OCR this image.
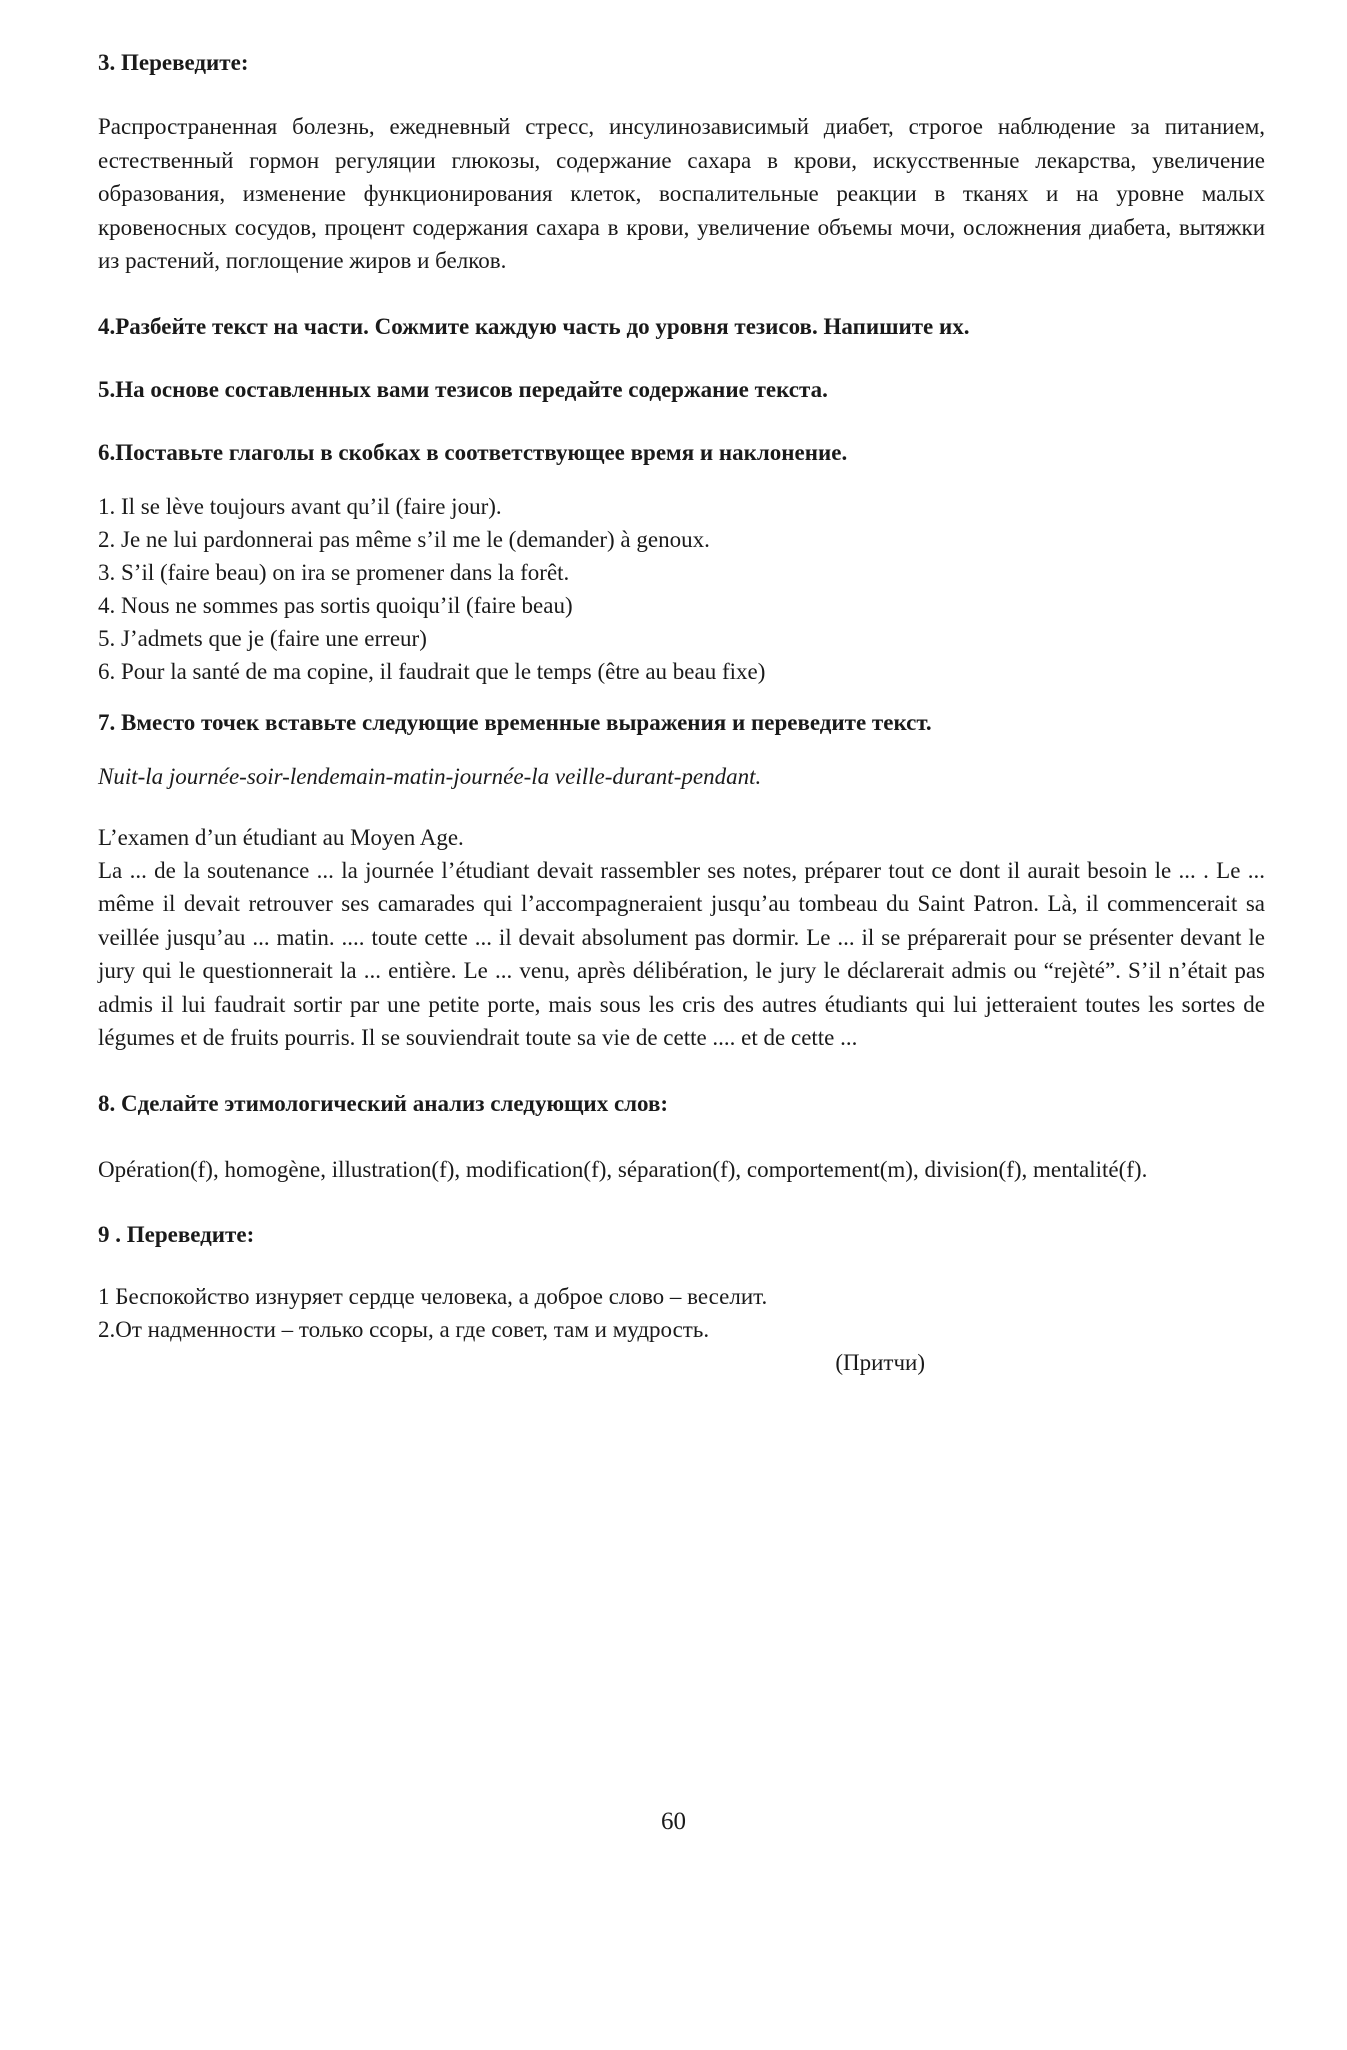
3. Переведите:

Распространенная болезнь, ежедневный стресс, инсулинозависимый диабет, строгое наблюдение за питанием, естественный гормон регуляции глюкозы, содержание сахара в крови, искусственные лекарства, увеличение образования, изменение функционирования клеток, воспалительные реакции в тканях и на уровне малых кровеносных сосудов, процент содержания сахара в крови, увеличение объемы мочи, осложнения диабета, вытяжки из растений, поглощение жиров и белков.

4.Разбейте текст на части. Сожмите каждую часть до уровня тезисов. Напишите их.

5.На основе составленных вами тезисов передайте содержание текста.

6.Поставьте глаголы в скобках в соответствующее время и наклонение.

1. Il se lève toujours avant qu’il (faire jour).

2. Je ne lui pardonnerai pas même s’il me le (demander) à genoux.

3. S’il (faire beau) on ira se promener dans la forêt.

4. Nous ne sommes pas sortis quoiqu’il (faire beau)

5. J’admets que je (faire une erreur)

6. Pour la santé de ma copine, il faudrait que le temps (être au beau fixe)

7. Вместо точек вставьте следующие временные выражения и переведите текст.

Nuit-la journée-soir-lendemain-matin-journée-la veille-durant-pendant.

L’examen d’un étudiant au Moyen Age.

La ... de la soutenance ... la journée l’étudiant devait rassembler ses notes, préparer tout ce dont il aurait besoin le ... . Le ... même il devait retrouver ses camarades qui l’accompagneraient jusqu’au tombeau du Saint Patron. Là, il commencerait sa veillée jusqu’au ... matin. .... toute cette ... il devait absolument pas dormir. Le ... il se préparerait pour se présenter devant le jury qui le questionnerait la ... entière. Le ... venu, après délibération, le jury le déclarerait admis ou “rejèté”. S’il n’était pas admis il lui faudrait sortir par une petite porte, mais sous les cris des autres étudiants qui lui jetteraient toutes les sortes de légumes et de fruits pourris. Il se souviendrait toute sa vie de cette .... et de cette ...

8. Сделайте этимологический анализ следующих слов:

Opération(f), homogène, illustration(f), modification(f), séparation(f), comportement(m), division(f), mentalité(f).

9 . Переведите:

1 Беспокойство изнуряет сердце человека, а доброе слово – веселит.

2.От надменности – только ссоры, а где совет, там и мудрость.

(Притчи)

60
